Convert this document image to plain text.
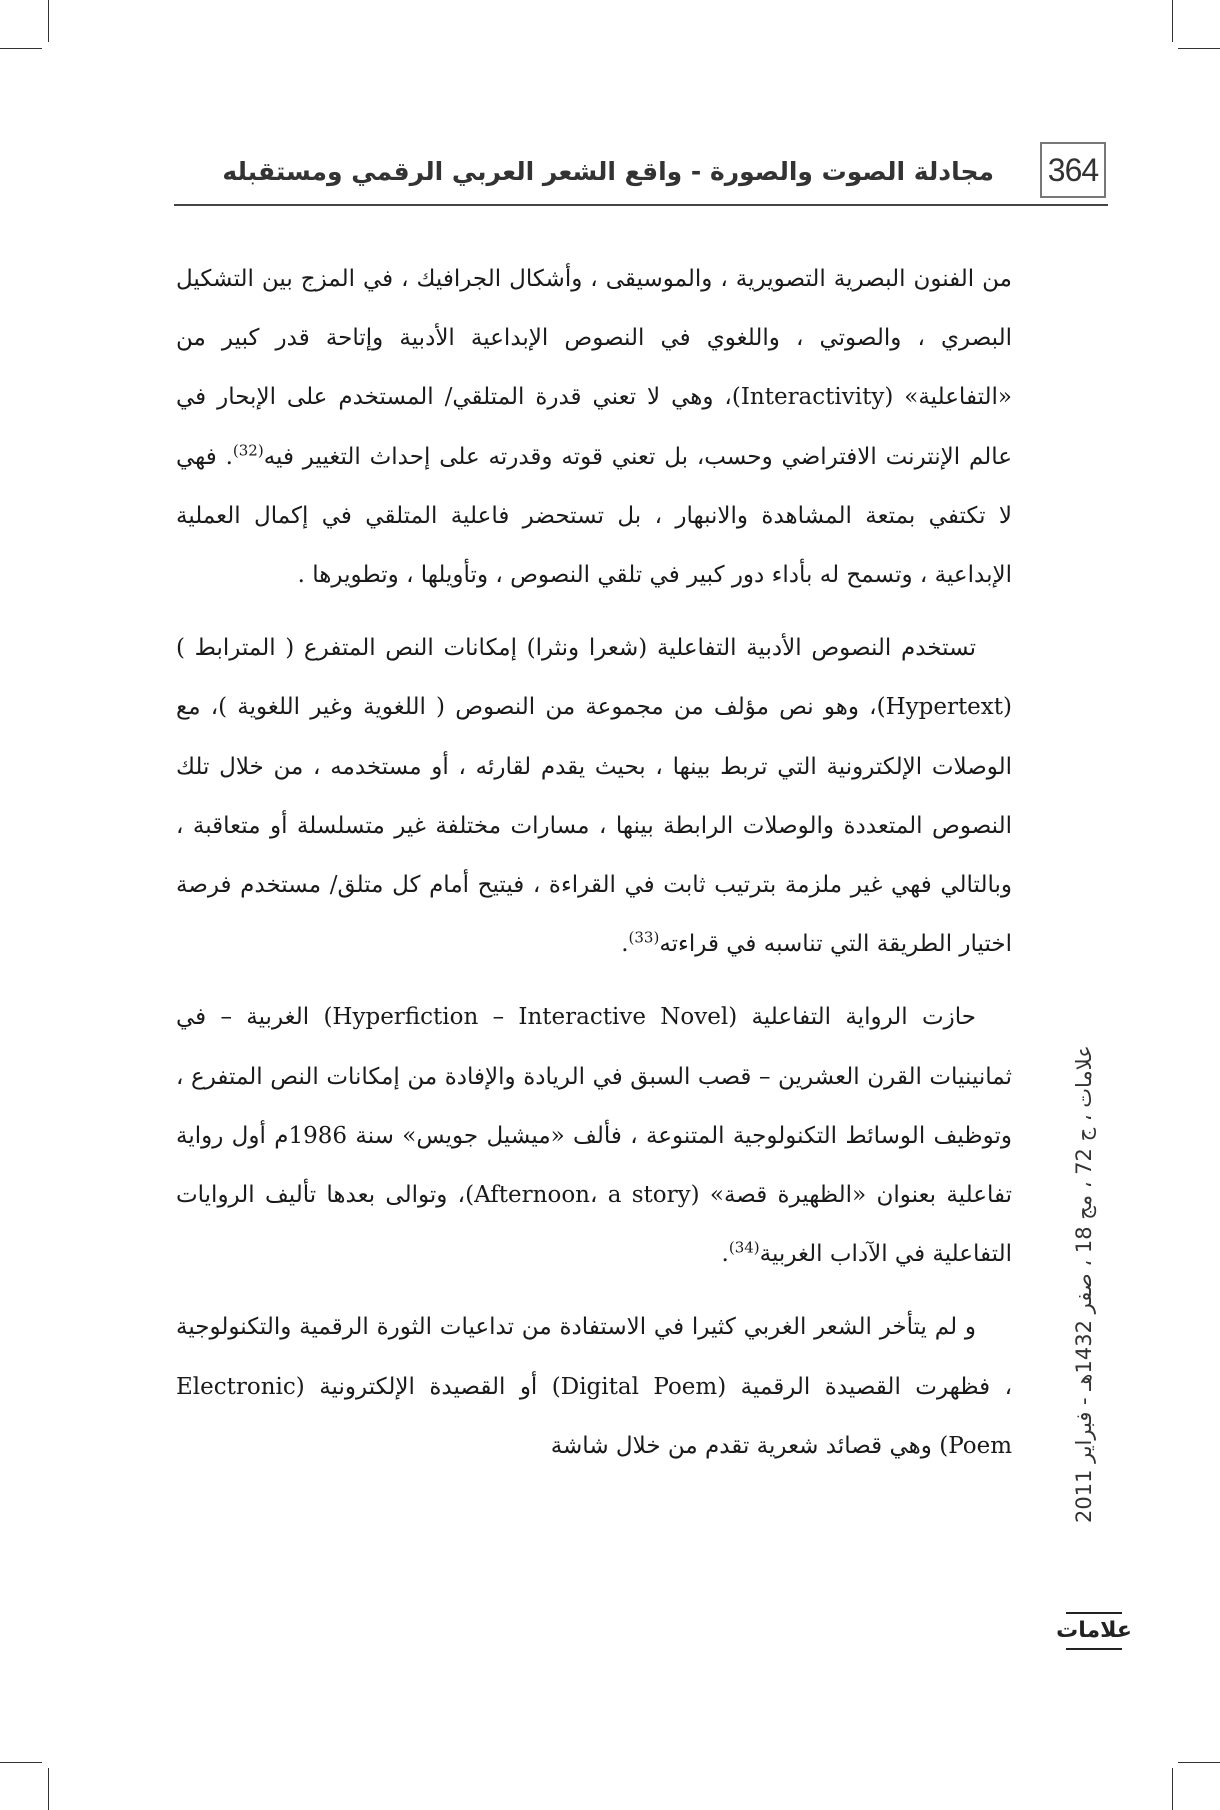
364
مجادلة الصوت والصورة - واقع الشعر العربي الرقمي ومستقبله

من الفنون البصرية التصويرية ، والموسيقى ، وأشكال الجرافيك ، في المزج بين التشكيل البصري ، والصوتي ، واللغوي في النصوص الإبداعية الأدبية وإتاحة قدر كبير من «التفاعلية» (Interactivity)، وهي لا تعني قدرة المتلقي/ المستخدم على الإبحار في عالم الإنترنت الافتراضي وحسب، بل تعني قوته وقدرته على إحداث التغيير فيه$^{(32)}$. فهي لا تكتفي بمتعة المشاهدة والانبهار ، بل تستحضر فاعلية المتلقي في إكمال العملية الإبداعية ، وتسمح له بأداء دور كبير في تلقي النصوص ، وتأويلها ، وتطويرها .

تستخدم النصوص الأدبية التفاعلية (شعرا ونثرا) إمكانات النص المتفرع ( المترابط ) (Hypertext)، وهو نص مؤلف من مجموعة من النصوص ( اللغوية وغير اللغوية )، مع الوصلات الإلكترونية التي تربط بينها ، بحيث يقدم لقارئه ، أو مستخدمه ، من خلال تلك النصوص المتعددة والوصلات الرابطة بينها ، مسارات مختلفة غير متسلسلة أو متعاقبة ، وبالتالي فهي غير ملزمة بترتيب ثابت في القراءة ، فيتيح أمام كل متلق/ مستخدم فرصة اختيار الطريقة التي تناسبه في قراءته$^{(33)}$.

حازت الرواية التفاعلية (Hyperfiction – Interactive Novel) الغربية – في ثمانينيات القرن العشرين – قصب السبق في الريادة والإفادة من إمكانات النص المتفرع ، وتوظيف الوسائط التكنولوجية المتنوعة ، فألف «ميشيل جويس» سنة 1986م أول رواية تفاعلية بعنوان «الظهيرة قصة» (Afternoon، a story)، وتوالى بعدها تأليف الروايات التفاعلية في الآداب الغربية$^{(34)}$.

و لم يتأخر الشعر الغربي كثيرا في الاستفادة من تداعيات الثورة الرقمية والتكنولوجية ، فظهرت القصيدة الرقمية (Digital Poem) أو القصيدة الإلكترونية (Electronic Poem) وهي قصائد شعرية تقدم من خلال شاشة

علامات ، ج 72 ، مج 18 ، صفر 1432هـ - فبراير 2011
علامات
